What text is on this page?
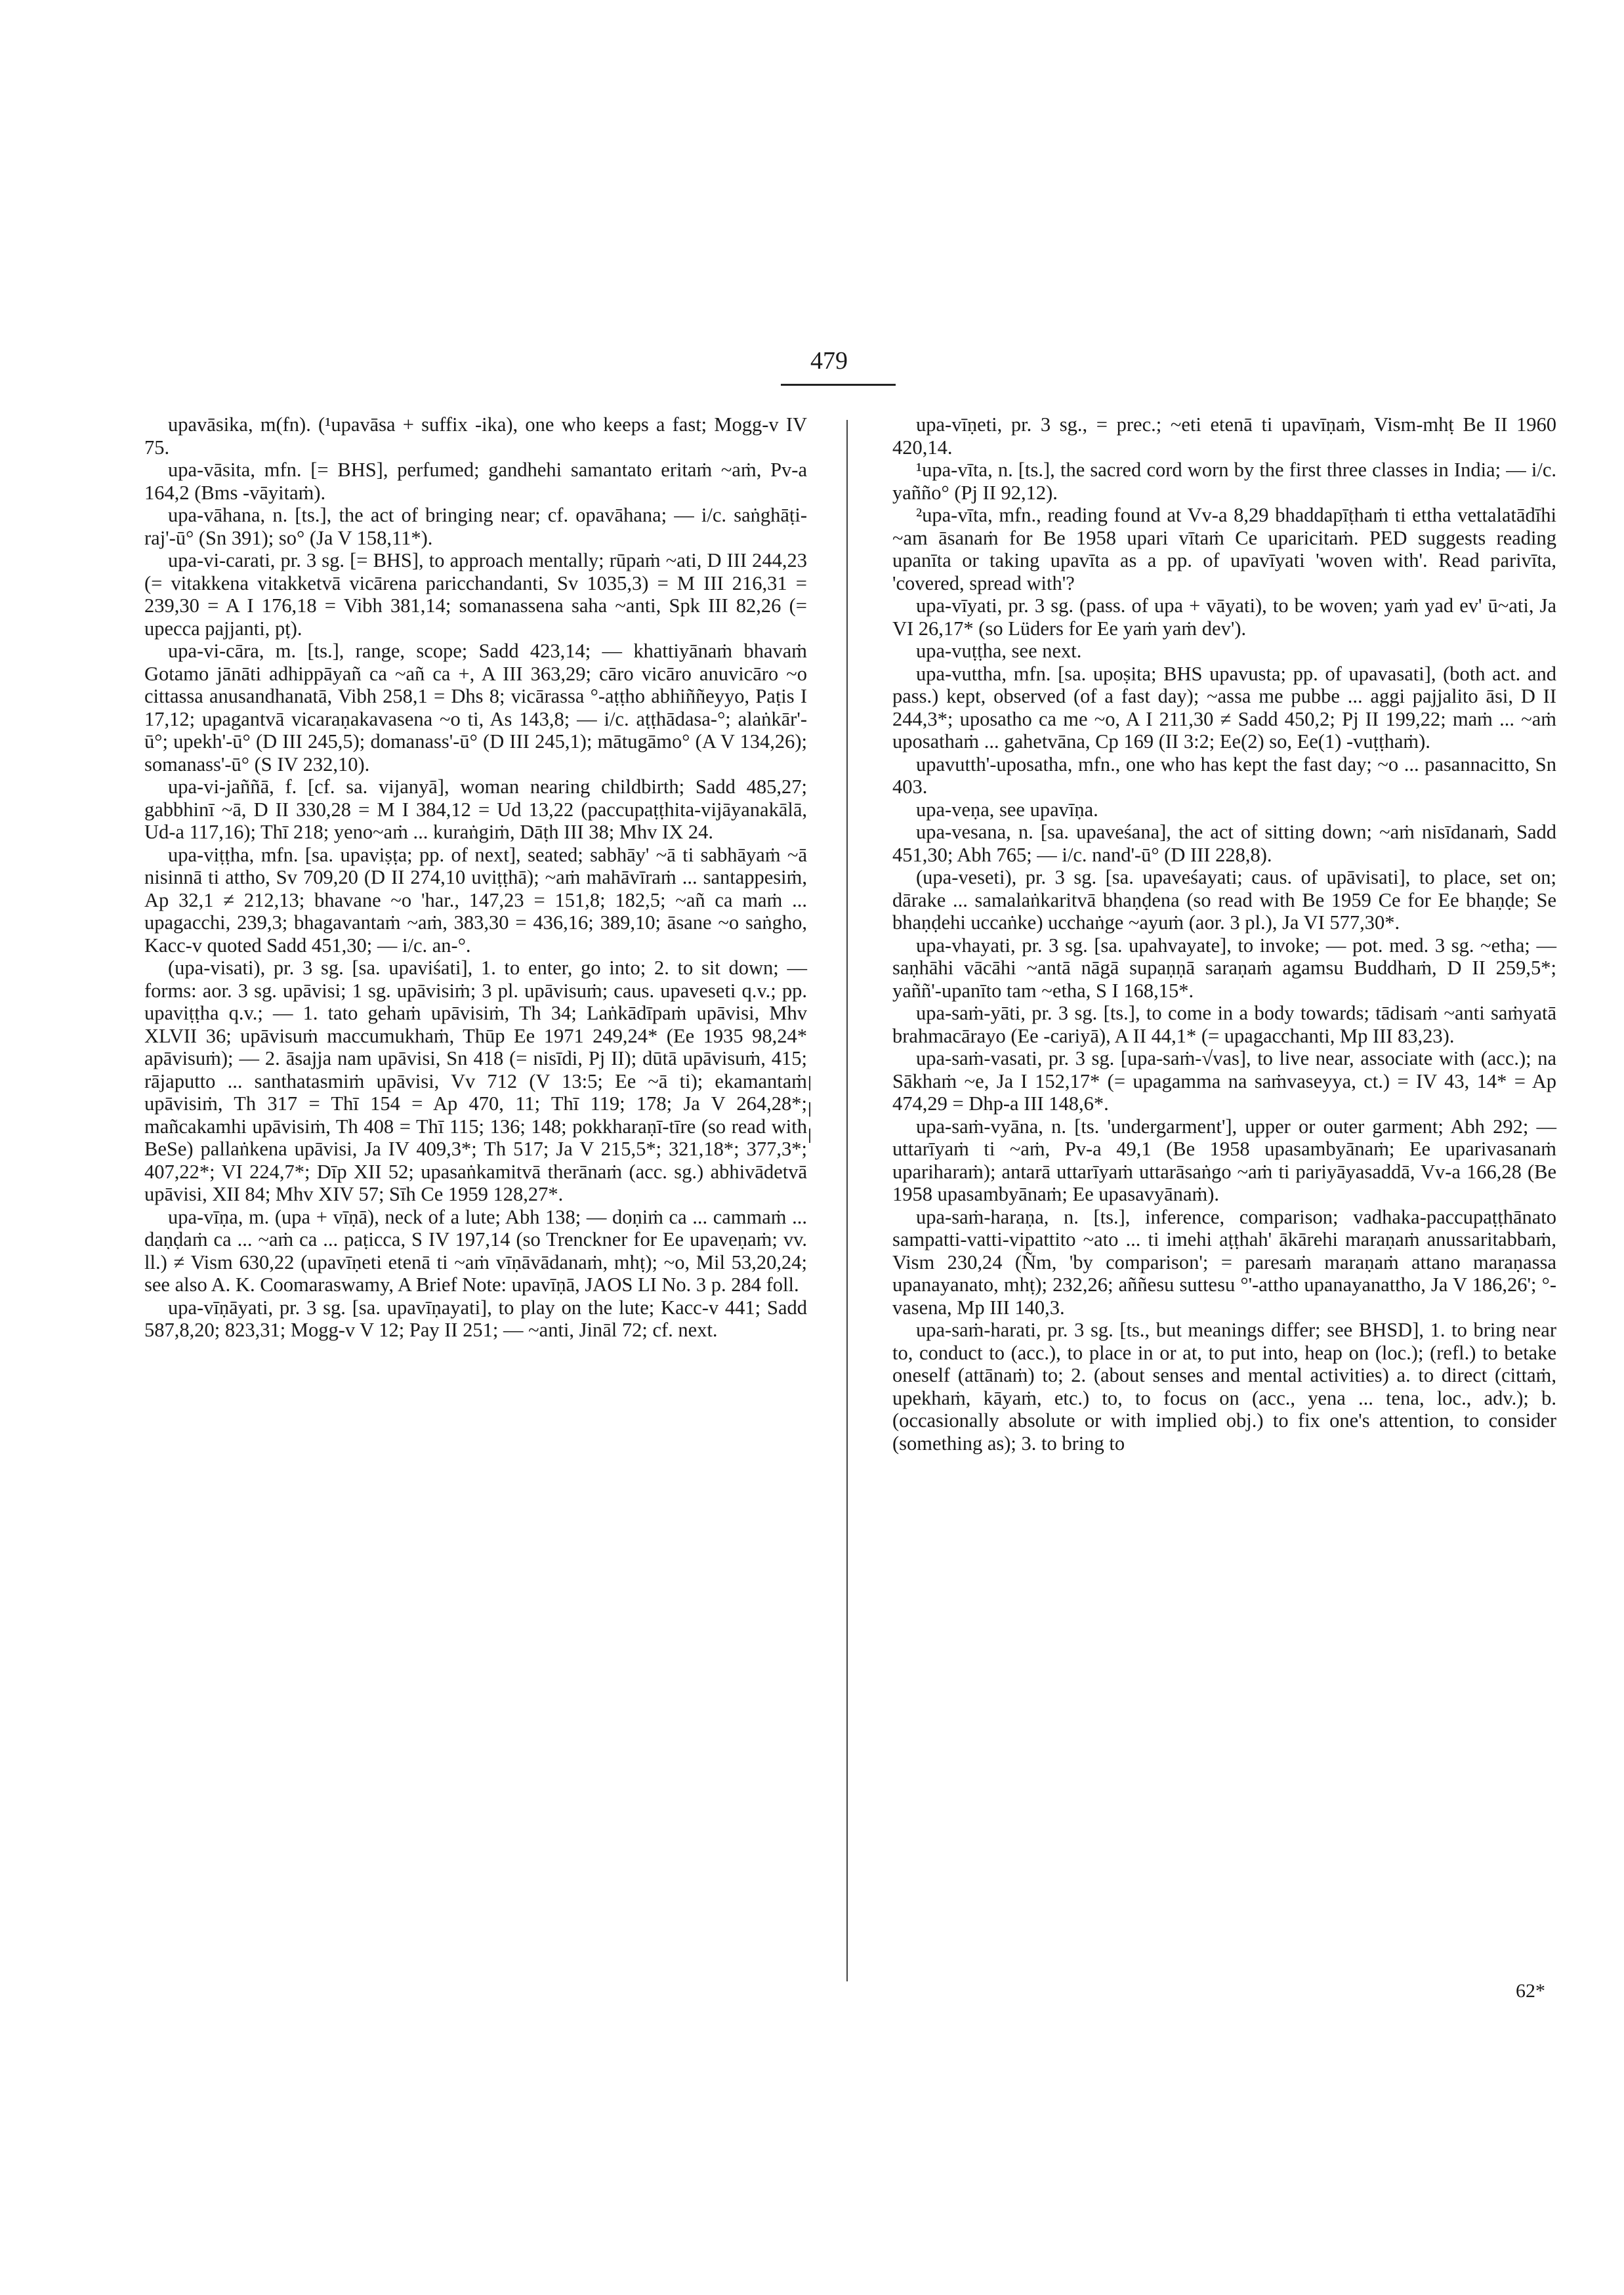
479

upavāsika, m(fn). (¹upavāsa + suffix -ika), one who keeps a fast; Mogg-v IV 75.

upa-vāsita, mfn. [= BHS], perfumed; gandhehi samantato eritaṁ ~aṁ, Pv-a 164,2 (Bms -vāyitaṁ).

upa-vāhana, n. [ts.], the act of bringing near; cf. opavāhana; — i/c. saṅghāṭi-raj'-ū° (Sn 391); so° (Ja V 158,11*).

upa-vi-carati, pr. 3 sg. [= BHS], to approach mentally; rūpaṁ ~ati, D III 244,23 (= vitakkena vitakketvā vicārena paricchandanti, Sv 1035,3) = M III 216,31 = 239,30 = A I 176,18 = Vibh 381,14; somanassena saha ~anti, Spk III 82,26 (= upecca pajjanti, pṭ).

upa-vi-cāra, m. [ts.], range, scope; Sadd 423,14; — khattiyānaṁ bhavaṁ Gotamo jānāti adhippāyañ ca ~añ ca +, A III 363,29; cāro vicāro anuvicāro ~o cittassa anusandhanatā, Vibh 258,1 = Dhs 8; vicārassa °-aṭṭho abhiññeyyo, Paṭis I 17,12; upagantvā vicaraṇakavasena ~o ti, As 143,8; — i/c. aṭṭhādasa-°; alaṅkār'-ū°; upekh'-ū° (D III 245,5); domanass'-ū° (D III 245,1); mātugāmo° (A V 134,26); somanass'-ū° (S IV 232,10).

upa-vi-jaññā, f. [cf. sa. vijanyā], woman nearing childbirth; Sadd 485,27; gabbhinī ~ā, D II 330,28 = M I 384,12 = Ud 13,22 (paccupaṭṭhita-vijāyanakālā, Ud-a 117,16); Thī 218; yeno~aṁ ... kuraṅgiṁ, Dāṭh III 38; Mhv IX 24.

upa-viṭṭha, mfn. [sa. upaviṣṭa; pp. of next], seated; sabhāy' ~ā ti sabhāyaṁ ~ā nisinnā ti attho, Sv 709,20 (D II 274,10 uviṭṭhā); ~aṁ mahāvīraṁ ... santappesiṁ, Ap 32,1 ≠ 212,13; bhavane ~o 'har., 147,23 = 151,8; 182,5; ~añ ca maṁ ... upagacchi, 239,3; bhagavantaṁ ~aṁ, 383,30 = 436,16; 389,10; āsane ~o saṅgho, Kacc-v quoted Sadd 451,30; — i/c. an-°.

(upa-visati), pr. 3 sg. [sa. upaviśati], 1. to enter, go into; 2. to sit down; — forms: aor. 3 sg. upāvisi; 1 sg. upāvisiṁ; 3 pl. upāvisuṁ; caus. upaveseti q.v.; pp. upaviṭṭha q.v.; — 1. tato gehaṁ upāvisiṁ, Th 34; Laṅkādīpaṁ upāvisi, Mhv XLVII 36; upāvisuṁ maccumukhaṁ, Thūp Ee 1971 249,24* (Ee 1935 98,24* apāvisuṁ); — 2. āsajja nam upāvisi, Sn 418 (= nisīdi, Pj II); dūtā upāvisuṁ, 415; rājaputto ... santhatasmiṁ upāvisi, Vv 712 (V 13:5; Ee ~ā ti); ekamantaṁ upāvisiṁ, Th 317 = Thī 154 = Ap 470, 11; Thī 119; 178; Ja V 264,28*; mañcakamhi upāvisiṁ, Th 408 = Thī 115; 136; 148; pokkharaṇī-tīre (so read with BeSe) pallaṅkena upāvisi, Ja IV 409,3*; Th 517; Ja V 215,5*; 321,18*; 377,3*; 407,22*; VI 224,7*; Dīp XII 52; upasaṅkamitvā therānaṁ (acc. sg.) abhivādetvā upāvisi, XII 84; Mhv XIV 57; Sīh Ce 1959 128,27*.

upa-vīṇa, m. (upa + vīṇā), neck of a lute; Abh 138; — doṇiṁ ca ... cammaṁ ... daṇḍaṁ ca ... ~aṁ ca ... paṭicca, S IV 197,14 (so Trenckner for Ee upaveṇaṁ; vv. ll.) ≠ Vism 630,22 (upavīṇeti etenā ti ~aṁ vīṇāvādanaṁ, mhṭ); ~o, Mil 53,20,24; see also A. K. Coomaraswamy, A Brief Note: upavīṇā, JAOS LI No. 3 p. 284 foll.

upa-vīṇāyati, pr. 3 sg. [sa. upavīṇayati], to play on the lute; Kacc-v 441; Sadd 587,8,20; 823,31; Mogg-v V 12; Pay II 251; — ~anti, Jināl 72; cf. next.

upa-vīṇeti, pr. 3 sg., = prec.; ~eti etenā ti upavīṇaṁ, Vism-mhṭ Be II 1960 420,14.

¹upa-vīta, n. [ts.], the sacred cord worn by the first three classes in India; — i/c. yañño° (Pj II 92,12).

²upa-vīta, mfn., reading found at Vv-a 8,29 bhaddapīṭhaṁ ti ettha vettalatādīhi ~am āsanaṁ for Be 1958 upari vītaṁ Ce uparicitaṁ. PED suggests reading upanīta or taking upavīta as a pp. of upavīyati 'woven with'. Read parivīta, 'covered, spread with'?

upa-vīyati, pr. 3 sg. (pass. of upa + vāyati), to be woven; yaṁ yad ev' ū~ati, Ja VI 26,17* (so Lüders for Ee yaṁ yaṁ dev').

upa-vuṭṭha, see next.

upa-vuttha, mfn. [sa. upoṣita; BHS upavusta; pp. of upavasati], (both act. and pass.) kept, observed (of a fast day); ~assa me pubbe ... aggi pajjalito āsi, D II 244,3*; uposatho ca me ~o, A I 211,30 ≠ Sadd 450,2; Pj II 199,22; maṁ ... ~aṁ uposathaṁ ... gahetvāna, Cp 169 (II 3:2; Ee(2) so, Ee(1) -vuṭṭhaṁ).

upavutth'-uposatha, mfn., one who has kept the fast day; ~o ... pasannacitto, Sn 403.

upa-veṇa, see upavīṇa.

upa-vesana, n. [sa. upaveśana], the act of sitting down; ~aṁ nisīdanaṁ, Sadd 451,30; Abh 765; — i/c. nand'-ū° (D III 228,8).

(upa-veseti), pr. 3 sg. [sa. upaveśayati; caus. of upāvisati], to place, set on; dārake ... samalaṅkaritvā bhaṇḍena (so read with Be 1959 Ce for Ee bhaṇḍe; Se bhaṇḍehi uccaṅke) ucchaṅge ~ayuṁ (aor. 3 pl.), Ja VI 577,30*.

upa-vhayati, pr. 3 sg. [sa. upahvayate], to invoke; — pot. med. 3 sg. ~etha; — saṇhāhi vācāhi ~antā nāgā supaṇṇā saraṇaṁ agamsu Buddhaṁ, D II 259,5*; yaññ'-upanīto tam ~etha, S I 168,15*.

upa-saṁ-yāti, pr. 3 sg. [ts.], to come in a body towards; tādisaṁ ~anti saṁyatā brahmacārayo (Ee -cariyā), A II 44,1* (= upagacchanti, Mp III 83,23).

upa-saṁ-vasati, pr. 3 sg. [upa-saṁ-√vas], to live near, associate with (acc.); na Sākhaṁ ~e, Ja I 152,17* (= upagamma na saṁvaseyya, ct.) = IV 43, 14* = Ap 474,29 = Dhp-a III 148,6*.

upa-saṁ-vyāna, n. [ts. 'undergarment'], upper or outer garment; Abh 292; — uttarīyaṁ ti ~aṁ, Pv-a 49,1 (Be 1958 upasambyānaṁ; Ee uparivasanaṁ upariharaṁ); antarā uttarīyaṁ uttarāsaṅgo ~aṁ ti pariyāyasaddā, Vv-a 166,28 (Be 1958 upasambyānaṁ; Ee upasavyānaṁ).

upa-saṁ-haraṇa, n. [ts.], inference, comparison; vadhaka-paccupaṭṭhānato sampatti-vatti-vipattito ~ato ... ti imehi aṭṭhah' ākārehi maraṇaṁ anussaritabbaṁ, Vism 230,24 (Ñm, 'by comparison'; = paresaṁ maraṇaṁ attano maraṇassa upanayanato, mhṭ); 232,26; aññesu suttesu °'-attho upanayanattho, Ja V 186,26'; °-vasena, Mp III 140,3.

upa-saṁ-harati, pr. 3 sg. [ts., but meanings differ; see BHSD], 1. to bring near to, conduct to (acc.), to place in or at, to put into, heap on (loc.); (refl.) to betake oneself (attānaṁ) to; 2. (about senses and mental activities) a. to direct (cittaṁ, upekhaṁ, kāyaṁ, etc.) to, to focus on (acc., yena ... tena, loc., adv.); b. (occasionally absolute or with implied obj.) to fix one's attention, to consider (something as); 3. to bring to

62*
